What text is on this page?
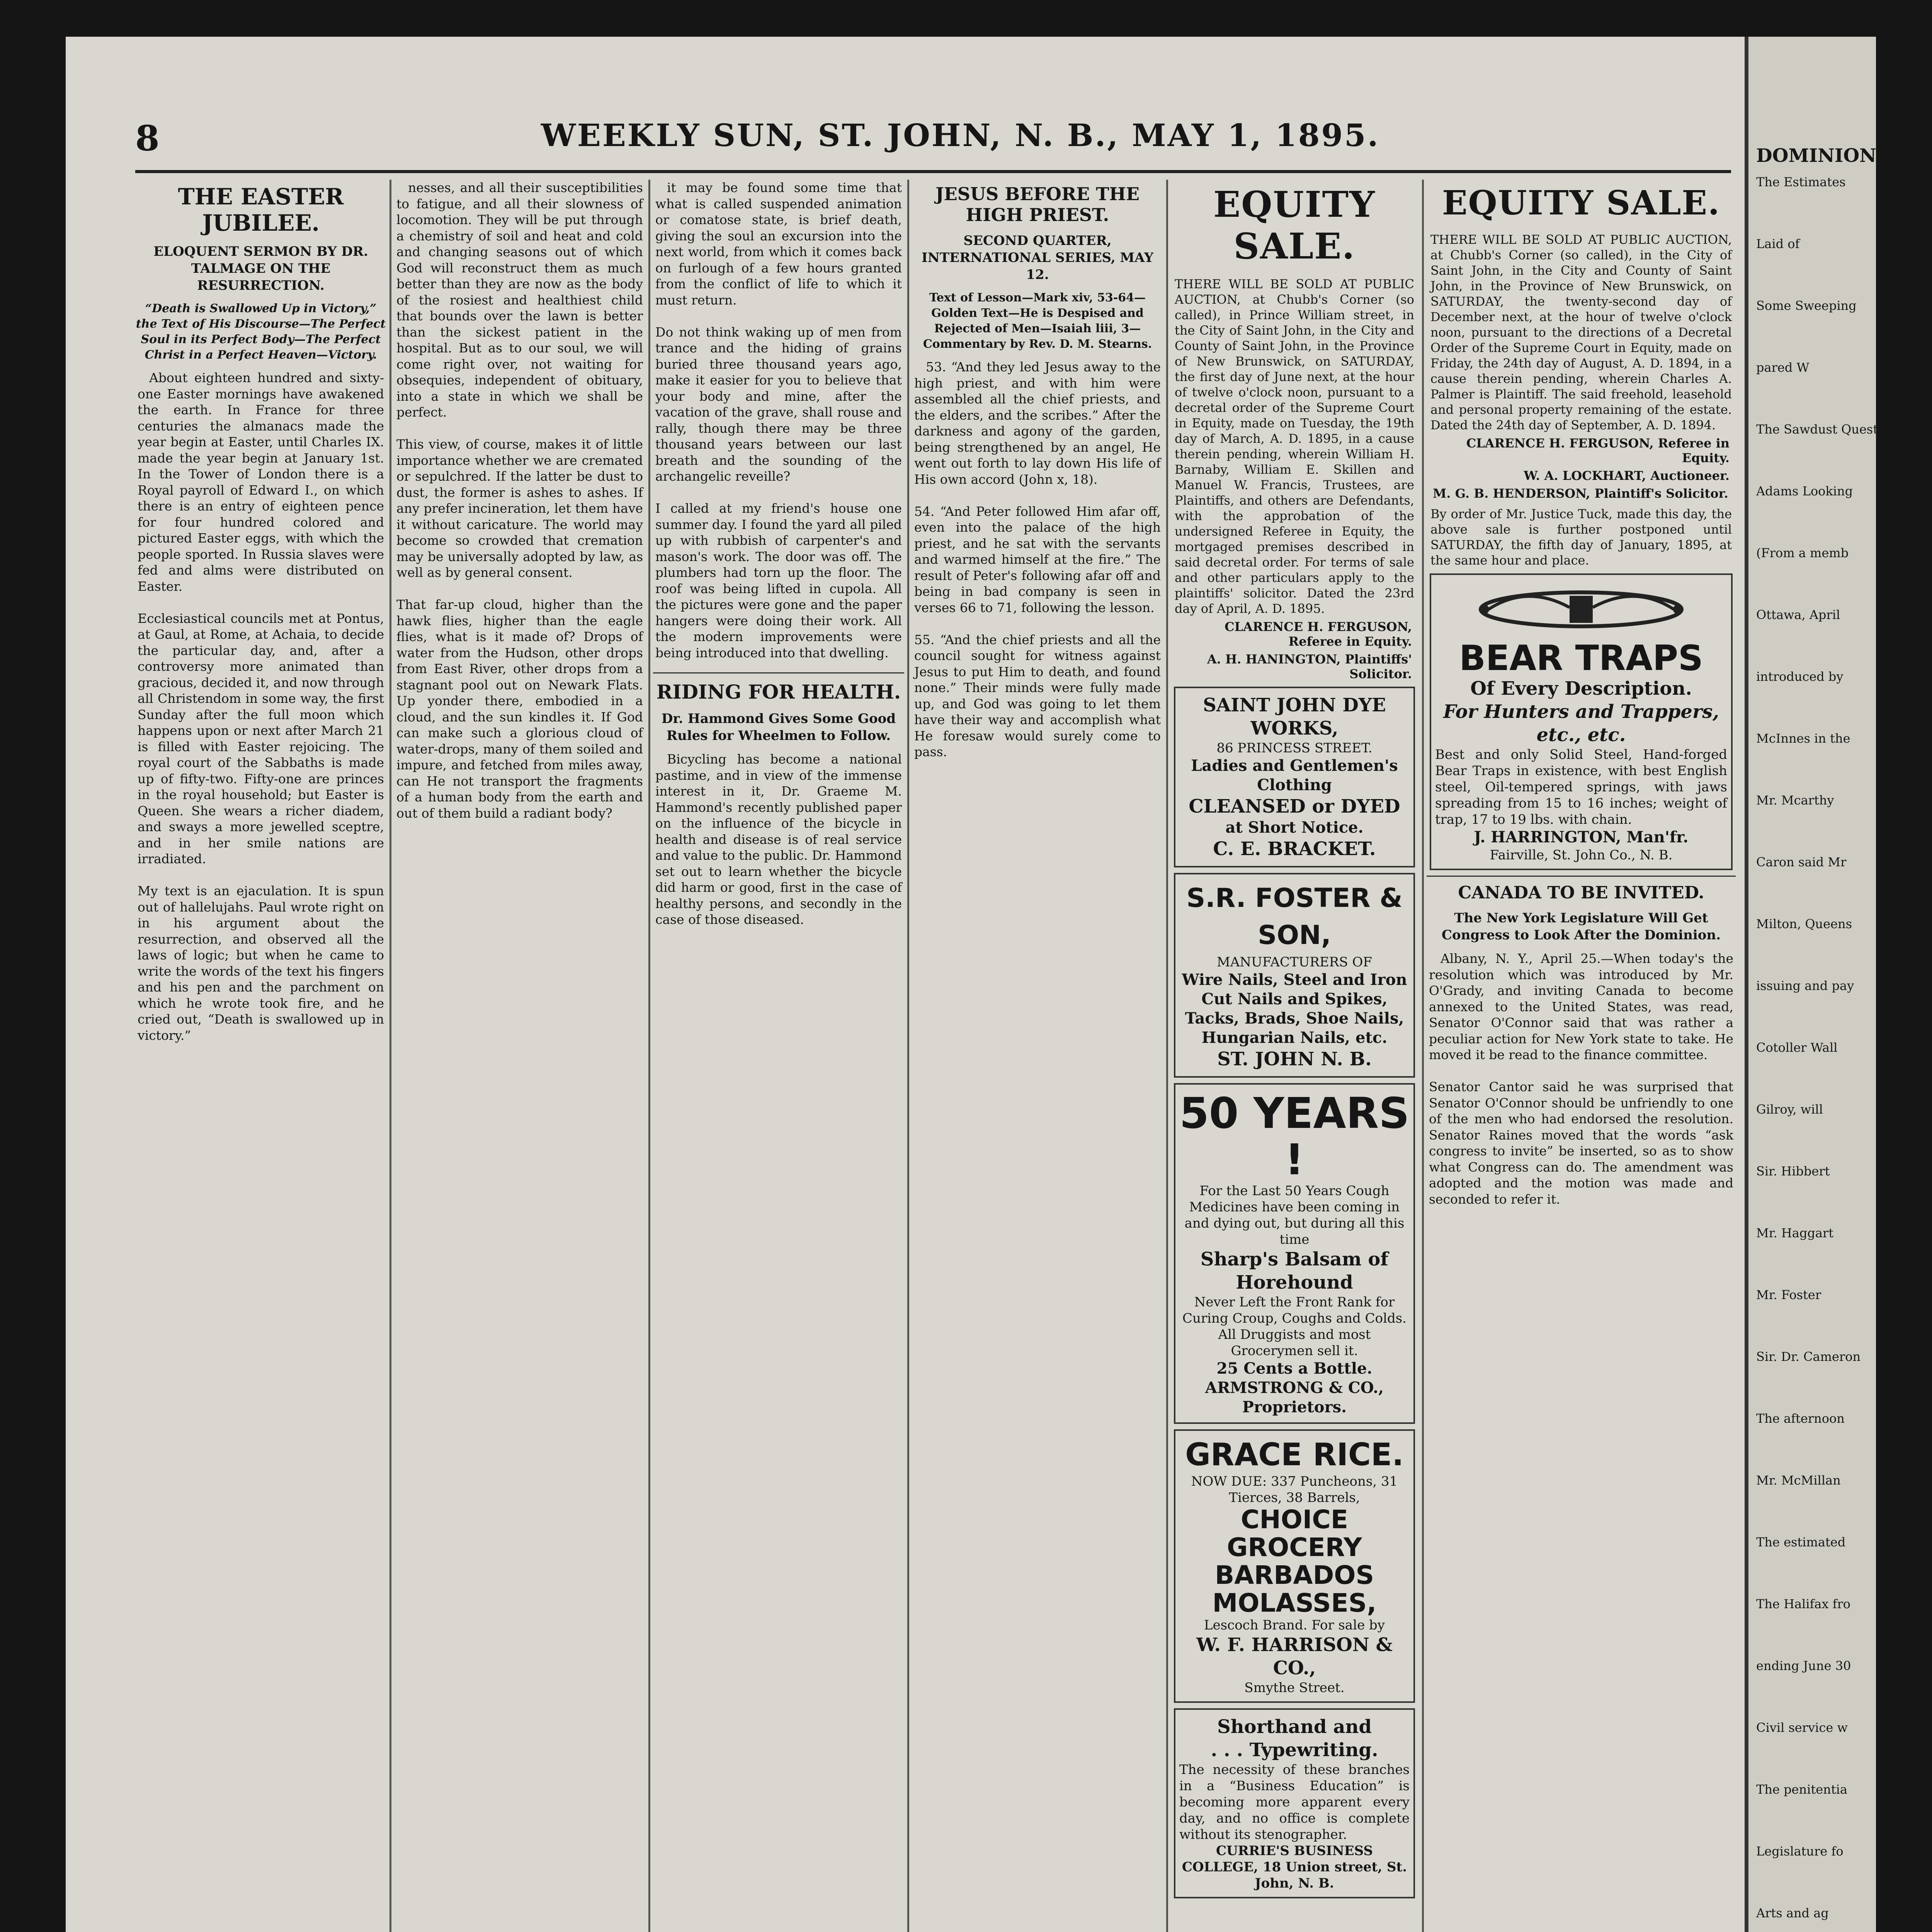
8	WEEKLY SUN, ST. JOHN, N. B., MAY 1, 1895.
THE EASTER JUBILEE.
ELOQUENT SERMON BY DR. TALMAGE ON THE RESURRECTION.
“Death is Swallowed Up in Victory,” the Text of His Discourse—The Perfect Soul in its Perfect Body—The Perfect Christ in a Perfect Heaven—Victory.
About eighteen hundred and sixty-one Easter mornings have awakened the earth. In France for three centuries the almanacs made the year begin at Easter, until Charles IX. made the year begin at January 1st. In the Tower of London there is a Royal payroll of Edward I., on which there is an entry of eighteen pence for four hundred colored and pictured Easter eggs, with which the people sported. In Russia slaves were fed and alms were distributed on Easter.

Ecclesiastical councils met at Pontus, at Gaul, at Rome, at Achaia, to decide the particular day, and, after a controversy more animated than gracious, decided it, and now through all Christendom in some way, the first Sunday after the full moon which happens upon or next after March 21 is filled with Easter rejoicing. The royal court of the Sabbaths is made up of fifty-two. Fifty-one are princes in the royal household; but Easter is Queen. She wears a richer diadem, and sways a more jewelled sceptre, and in her smile nations are irradiated.

My text is an ejaculation. It is spun out of hallelujahs. Paul wrote right on in his argument about the resurrection, and observed all the laws of logic; but when he came to write the words of the text his fingers and his pen and the parchment on which he wrote took fire, and he cried out, “Death is swallowed up in victory.”
nesses, and all their susceptibilities to fatigue, and all their slowness of locomotion. They will be put through a chemistry of soil and heat and cold and changing seasons out of which God will reconstruct them as much better than they are now as the body of the rosiest and healthiest child that bounds over the lawn is better than the sickest patient in the hospital. But as to our soul, we will come right over, not waiting for obsequies, independent of obituary, into a state in which we shall be perfect.

This view, of course, makes it of little importance whether we are cremated or sepulchred. If the latter be dust to dust, the former is ashes to ashes. If any prefer incineration, let them have it without caricature. The world may become so crowded that cremation may be universally adopted by law, as well as by general consent.

That far-up cloud, higher than the hawk flies, higher than the eagle flies, what is it made of? Drops of water from the Hudson, other drops from East River, other drops from a stagnant pool out on Newark Flats. Up yonder there, embodied in a cloud, and the sun kindles it. If God can make such a glorious cloud of water-drops, many of them soiled and impure, and fetched from miles away, can He not transport the fragments of a human body from the earth and out of them build a radiant body?
it may be found some time that what is called suspended animation or comatose state, is brief death, giving the soul an excursion into the next world, from which it comes back on furlough of a few hours granted from the conflict of life to which it must return.

Do not think waking up of men from trance and the hiding of grains buried three thousand years ago, make it easier for you to believe that your body and mine, after the vacation of the grave, shall rouse and rally, though there may be three thousand years between our last breath and the sounding of the archangelic reveille?

I called at my friend's house one summer day. I found the yard all piled up with rubbish of carpenter's and mason's work. The door was off. The plumbers had torn up the floor. The roof was being lifted in cupola. All the pictures were gone and the paper hangers were doing their work. All the modern improvements were being introduced into that dwelling.
RIDING FOR HEALTH.
Dr. Hammond Gives Some Good Rules for Wheelmen to Follow.
Bicycling has become a national pastime, and in view of the immense interest in it, Dr. Graeme M. Hammond's recently published paper on the influence of the bicycle in health and disease is of real service and value to the public. Dr. Hammond set out to learn whether the bicycle did harm or good, first in the case of healthy persons, and secondly in the case of those diseased.
JESUS BEFORE THE HIGH PRIEST.
SECOND QUARTER, INTERNATIONAL SERIES, MAY 12.
Text of Lesson—Mark xiv, 53-64—Golden Text—He is Despised and Rejected of Men—Isaiah liii, 3—Commentary by Rev. D. M. Stearns.
53. “And they led Jesus away to the high priest, and with him were assembled all the chief priests, and the elders, and the scribes.” After the darkness and agony of the garden, being strengthened by an angel, He went out forth to lay down His life of His own accord (John x, 18).

54. “And Peter followed Him afar off, even into the palace of the high priest, and he sat with the servants and warmed himself at the fire.” The result of Peter's following afar off and being in bad company is seen in verses 66 to 71, following the lesson.

55. “And the chief priests and all the council sought for witness against Jesus to put Him to death, and found none.” Their minds were fully made up, and God was going to let them have their way and accomplish what He foresaw would surely come to pass.
EQUITY SALE.
THERE WILL BE SOLD AT PUBLIC AUCTION, at Chubb's Corner (so called), in Prince William street, in the City of Saint John, in the City and County of Saint John, in the Province of New Brunswick, on SATURDAY, the first day of June next, at the hour of twelve o'clock noon, pursuant to a decretal order of the Supreme Court in Equity, made on Tuesday, the 19th day of March, A. D. 1895, in a cause therein pending, wherein William H. Barnaby, William E. Skillen and Manuel W. Francis, Trustees, are Plaintiffs, and others are Defendants, with the approbation of the undersigned Referee in Equity, the mortgaged premises described in said decretal order. For terms of sale and other particulars apply to the plaintiffs' solicitor. Dated the 23rd day of April, A. D. 1895.
CLARENCE H. FERGUSON, Referee in Equity.
A. H. HANINGTON, Plaintiffs' Solicitor.
SAINT JOHN DYE WORKS,
86 PRINCESS STREET.
Ladies and Gentlemen's Clothing
CLEANSED or DYED
at Short Notice.
C. E. BRACKET.
S.R. FOSTER & SON,
MANUFACTURERS OF
Wire Nails, Steel and Iron Cut Nails and Spikes, Tacks, Brads, Shoe Nails, Hungarian Nails, etc.
ST. JOHN N. B.
50 YEARS !
For the Last 50 Years Cough Medicines have been coming in and dying out, but during all this time
Sharp's Balsam of Horehound
Never Left the Front Rank for Curing Croup, Coughs and Colds. All Druggists and most Grocerymen sell it.
25 Cents a Bottle.
ARMSTRONG & CO., Proprietors.
GRACE RICE.
NOW DUE: 337 Puncheons, 31 Tierces, 38 Barrels,
CHOICE
GROCERY
BARBADOS
MOLASSES,
Lescoch Brand. For sale by
W. F. HARRISON & CO.,
Smythe Street.
Shorthand and
. . . Typewriting.
The necessity of these branches in a “Business Education” is becoming more apparent every day, and no office is complete without its stenographer.
CURRIE'S BUSINESS COLLEGE, 18 Union street, St. John, N. B.
EQUITY SALE.
THERE WILL BE SOLD AT PUBLIC AUCTION, at Chubb's Corner (so called), in the City of Saint John, in the City and County of Saint John, in the Province of New Brunswick, on SATURDAY, the twenty-second day of December next, at the hour of twelve o'clock noon, pursuant to the directions of a Decretal Order of the Supreme Court in Equity, made on Friday, the 24th day of August, A. D. 1894, in a cause therein pending, wherein Charles A. Palmer is Plaintiff. The said freehold, leasehold and personal property remaining of the estate. Dated the 24th day of September, A. D. 1894.
CLARENCE H. FERGUSON, Referee in Equity.
W. A. LOCKHART, Auctioneer.
M. G. B. HENDERSON, Plaintiff's Solicitor.
By order of Mr. Justice Tuck, made this day, the above sale is further postponed until SATURDAY, the fifth day of January, 1895, at the same hour and place.
BEAR TRAPS
Of Every Description.
For Hunters and Trappers, etc., etc.
Best and only Solid Steel, Hand-forged Bear Traps in existence, with best English steel, Oil-tempered springs, with jaws spreading from 15 to 16 inches; weight of trap, 17 to 19 lbs. with chain.
J. HARRINGTON, Man'fr.
Fairville, St. John Co., N. B.
CANADA TO BE INVITED.
The New York Legislature Will Get Congress to Look After the Dominion.
Albany, N. Y., April 25.—When today's the resolution which was introduced by Mr. O'Grady, and inviting Canada to become annexed to the United States, was read, Senator O'Connor said that was rather a peculiar action for New York state to take. He moved it be read to the finance committee.

Senator Cantor said he was surprised that Senator O'Connor should be unfriendly to one of the men who had endorsed the resolution. Senator Raines moved that the words “ask congress to invite” be inserted, so as to show what Congress can do. The amendment was adopted and the motion was made and seconded to refer it.
DOMINION
The Estimates
Laid of
Some Sweeping
pared W
The Sawdust Questi
Adams Looking
(From a memb
Ottawa, April
introduced by
McInnes in the
Mr. Mcarthy
Caron said Mr
Milton, Queens
issuing and pay
Cotoller Wall
Gilroy, will
Sir. Hibbert
Mr. Haggart
Mr. Foster
Sir. Dr. Cameron
The afternoon
Mr. McMillan
The estimated
The Halifax fro
ending June 30
Civil service w
The penitentia
Legislature fo
Arts and ag
